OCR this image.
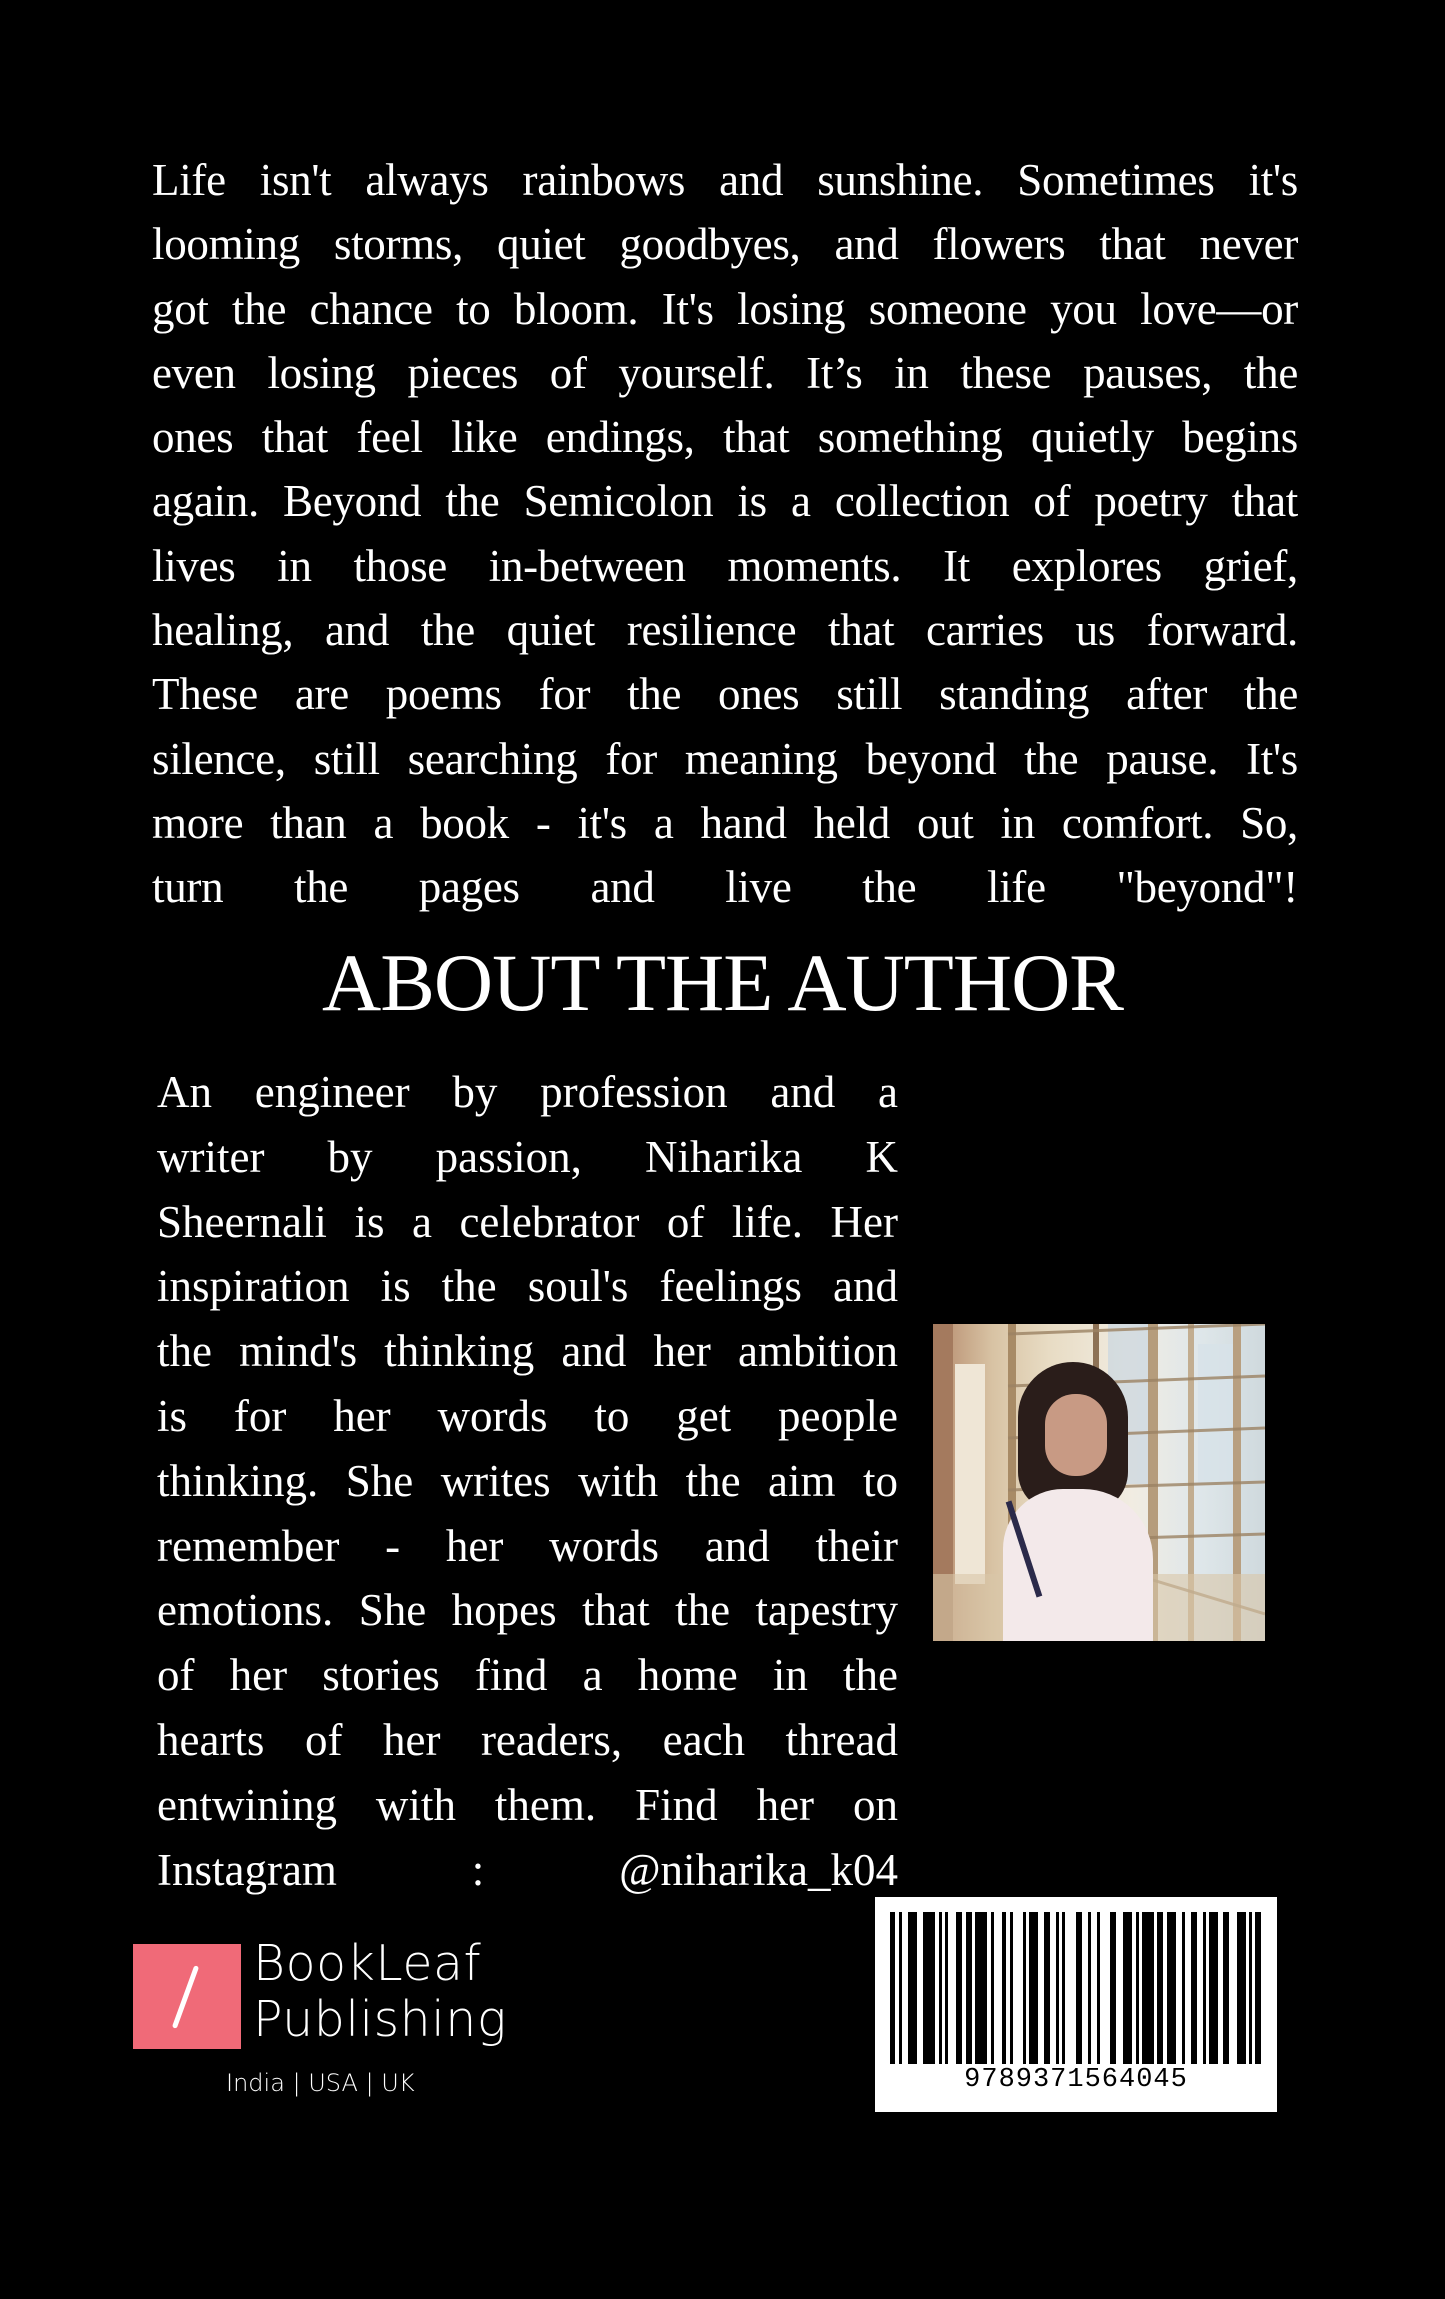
Life isn't always rainbows and sunshine. Sometimes it's
looming storms, quiet goodbyes, and flowers that never
got the chance to bloom. It's losing someone you love—or
even losing pieces of yourself. It’s in these pauses, the
ones that feel like endings, that something quietly begins
again. Beyond the Semicolon is a collection of poetry that
lives in those in-between moments. It explores grief,
healing, and the quiet resilience that carries us forward.
These are poems for the ones still standing after the
silence, still searching for meaning beyond the pause. It's
more than a book - it's a hand held out in comfort. So,
turn the pages and live the life "beyond"!
ABOUT THE AUTHOR
An engineer by profession and a
writer by passion, Niharika K
Sheernali is a celebrator of life. Her
inspiration is the soul's feelings and
the mind's thinking and her ambition
is for her words to get people
thinking. She writes with the aim to
remember - her words and their
emotions. She hopes that the tapestry
of her stories find a home in the
hearts of her readers, each thread
entwining with them. Find her on
Instagram : @niharika_k04
BookLeaf
Publishing
India | USA | UK	9789371564045
